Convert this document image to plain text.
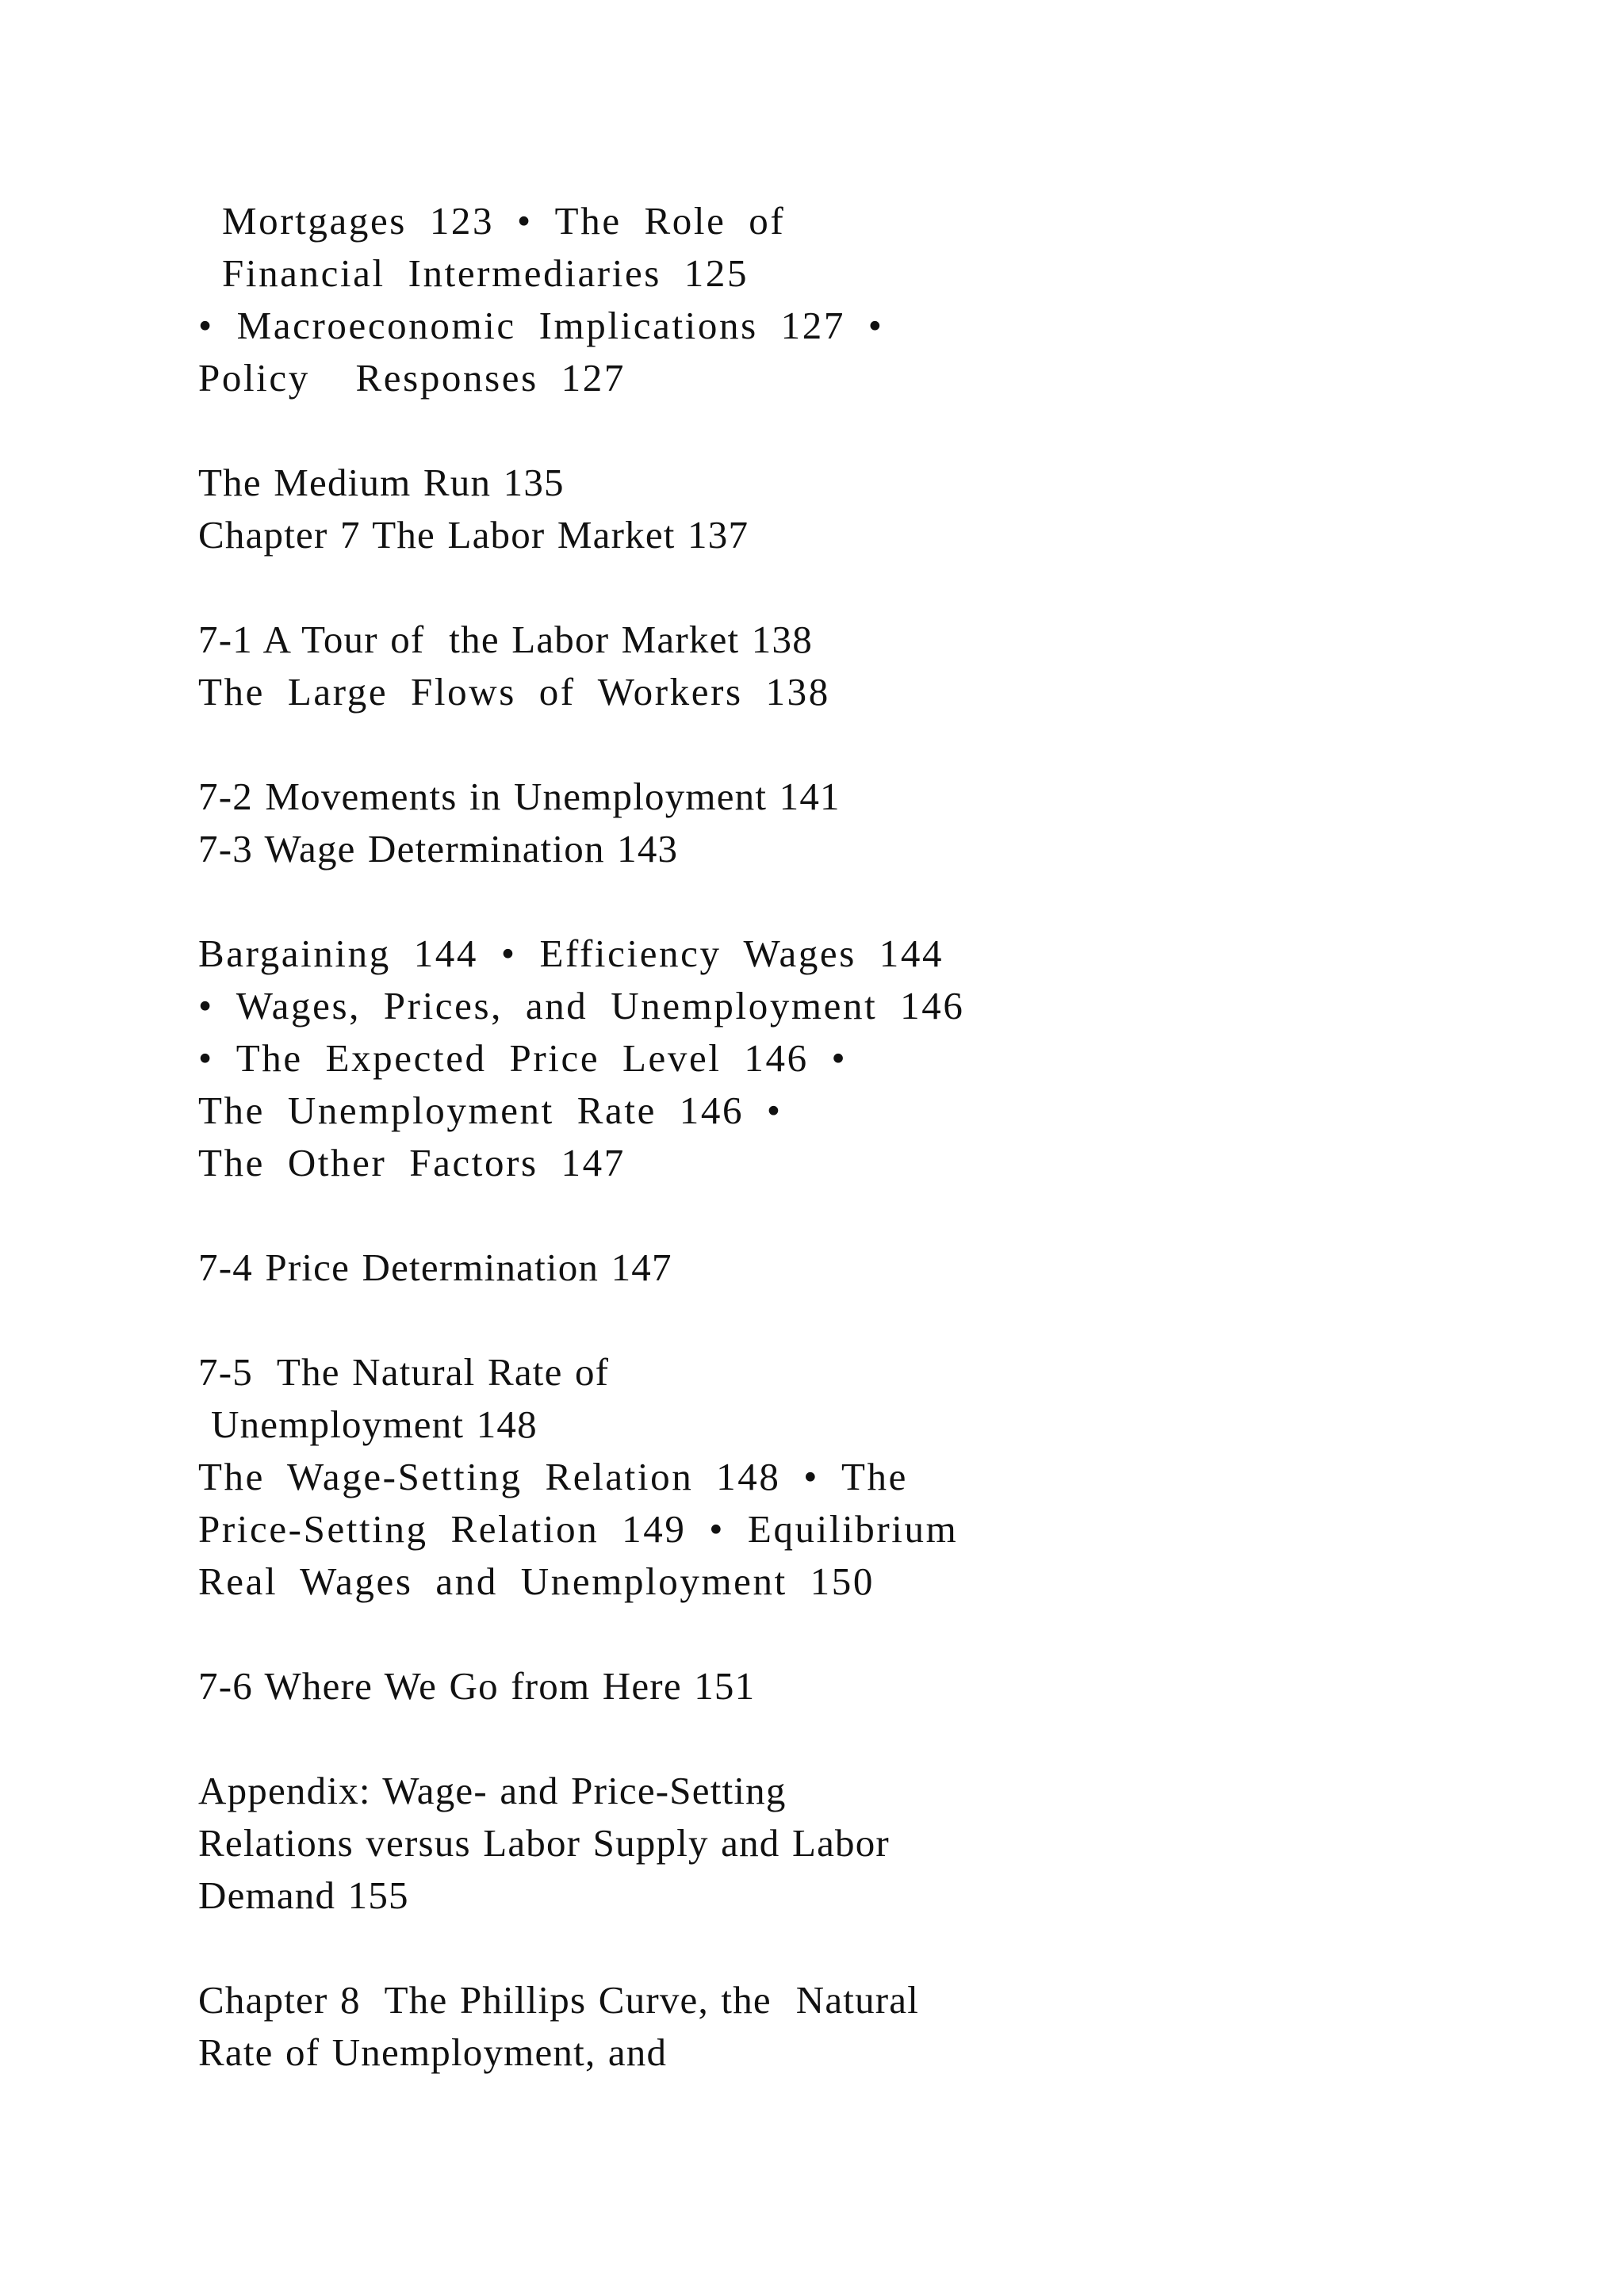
Mortgages 123 • The Role of
Financial Intermediaries 125
• Macroeconomic Implications 127 •
Policy  Responses 127
The Medium Run 135
Chapter 7 The Labor Market 137
7-1 A Tour of  the Labor Market 138
The Large Flows of Workers 138
7-2 Movements in Unemployment 141
7-3 Wage Determination 143
Bargaining 144 • Efficiency Wages 144
• Wages, Prices, and Unemployment 146
• The Expected Price Level 146 •
The Unemployment Rate 146 •
The Other Factors 147
7-4 Price Determination 147
7-5  The Natural Rate of
Unemployment 148
The Wage-Setting Relation 148 • The
Price-Setting Relation 149 • Equilibrium
Real Wages and Unemployment 150
7-6 Where We Go from Here 151
Appendix: Wage- and Price-Setting
Relations versus Labor Supply and Labor
Demand 155
Chapter 8  The Phillips Curve, the  Natural
Rate of Unemployment, and
